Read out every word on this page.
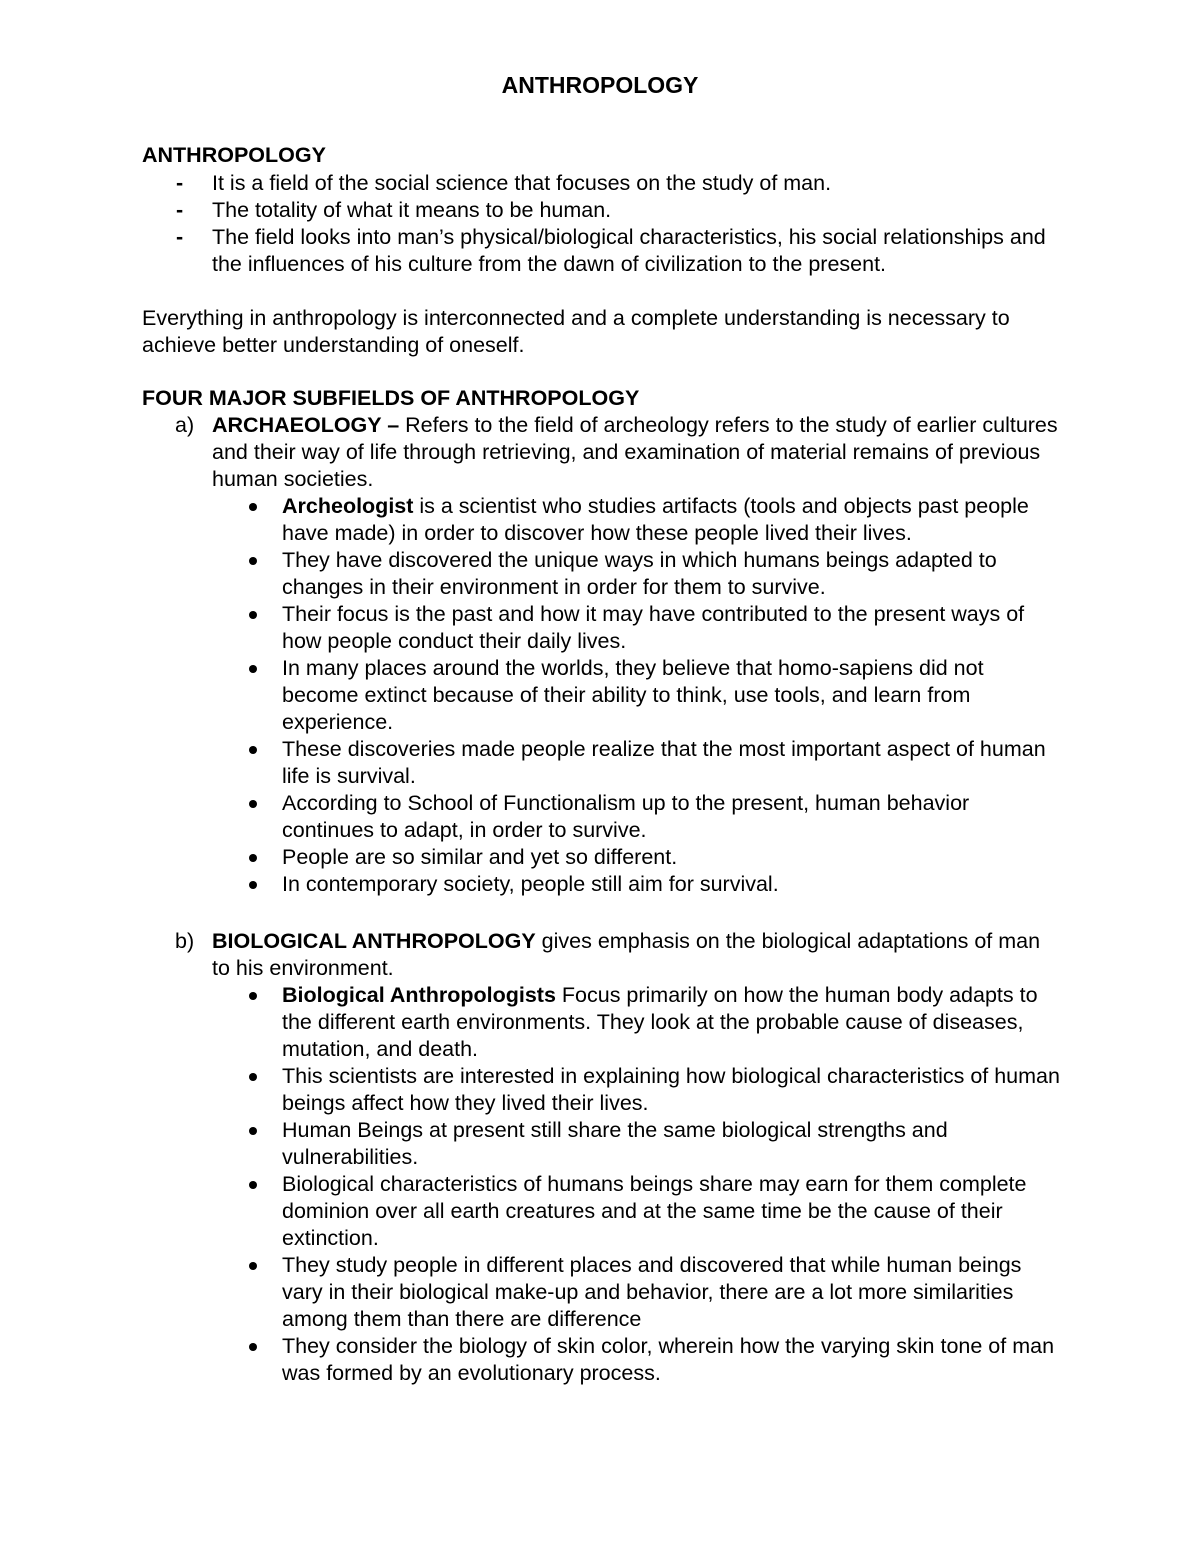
ANTHROPOLOGY
ANTHROPOLOGY
- It is a field of the social science that focuses on the study of man.
- The totality of what it means to be human.
- The field looks into man’s physical/biological characteristics, his social relationships and the influences of his culture from the dawn of civilization to the present.
Everything in anthropology is interconnected and a complete understanding is necessary to achieve better understanding of oneself.
FOUR MAJOR SUBFIELDS OF ANTHROPOLOGY
a) ARCHAEOLOGY – Refers to the field of archeology refers to the study of earlier cultures and their way of life through retrieving, and examination of material remains of previous human societies.
Archeologist is a scientist who studies artifacts (tools and objects past people have made) in order to discover how these people lived their lives.
They have discovered the unique ways in which humans beings adapted to changes in their environment in order for them to survive.
Their focus is the past and how it may have contributed to the present ways of how people conduct their daily lives.
In many places around the worlds, they believe that homo-sapiens did not become extinct because of their ability to think, use tools, and learn from experience.
These discoveries made people realize that the most important aspect of human life is survival.
According to School of Functionalism up to the present, human behavior continues to adapt, in order to survive.
People are so similar and yet so different.
In contemporary society, people still aim for survival.
b) BIOLOGICAL ANTHROPOLOGY gives emphasis on the biological adaptations of man to his environment.
Biological Anthropologists Focus primarily on how the human body adapts to the different earth environments. They look at the probable cause of diseases, mutation, and death.
This scientists are interested in explaining how biological characteristics of human beings affect how they lived their lives.
Human Beings at present still share the same biological strengths and vulnerabilities.
Biological characteristics of humans beings share may earn for them complete dominion over all earth creatures and at the same time be the cause of their extinction.
They study people in different places and discovered that while human beings vary in their biological make-up and behavior, there are a lot more similarities among them than there are difference
They consider the biology of skin color, wherein how the varying skin tone of man was formed by an evolutionary process.
